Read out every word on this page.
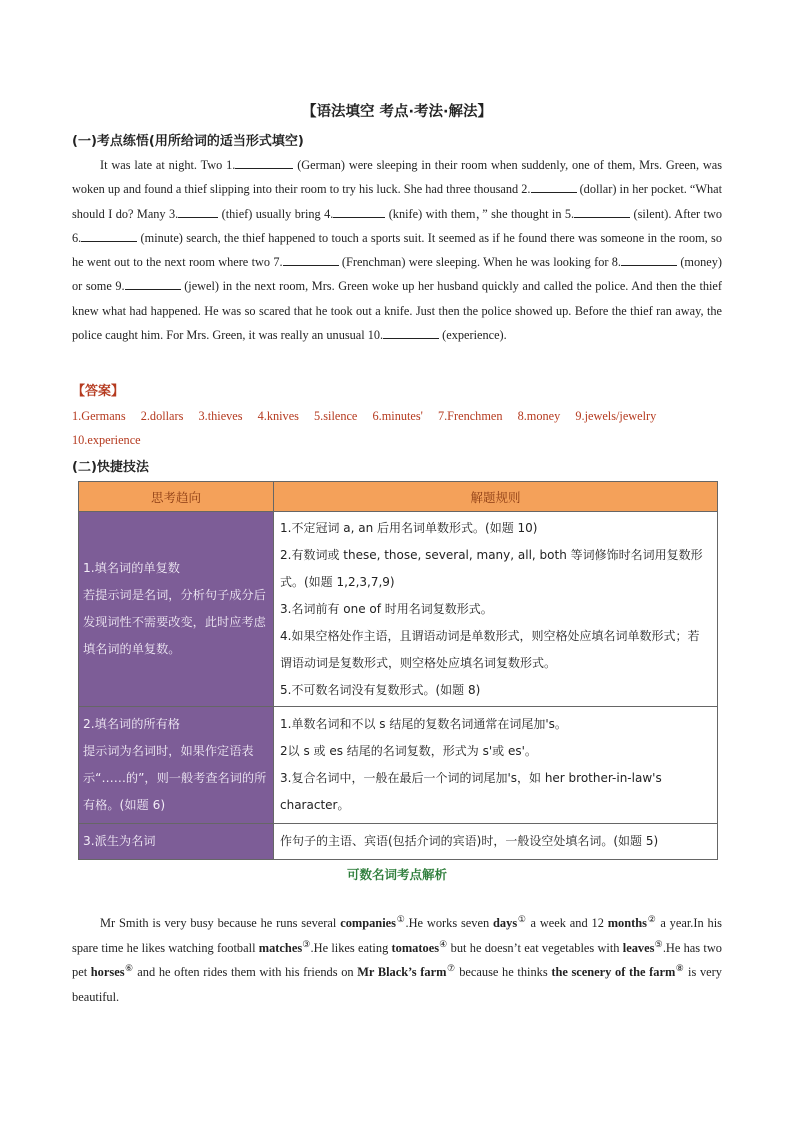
【语法填空 考点·考法·解法】
(一)考点练悟(用所给词的适当形式填空)

It was late at night. Two 1.	(German) were sleeping in their room when suddenly, one of them, Mrs. Green, was woken up and found a thief slipping into their room to try his luck. She had three thousand 2.	(dollar) in her pocket. “What should I do? Many 3.	(thief) usually bring 4.	(knife) with them，” she thought in 5.	(silent). After two 6.	(minute) search, the thief happened to touch a sports suit. It seemed as if he found there was someone in the room, so he went out to the next room where two 7.	(Frenchman) were sleeping. When he was looking for 8.	(money) or some 9.	(jewel) in the next room, Mrs. Green woke up her husband quickly and called the police. And then the thief knew what had happened. He was so scared that he took out a knife. Just then the police showed up. Before the thief ran away, the police caught him. For Mrs. Green, it was really an unusual 10.	(experience).

【答案】
1.Germans 2.dollars 3.thieves 4.knives 5.silence 6.minutes' 7.Frenchmen 8.money 9.jewels/jewelry 10.experience
(二)快捷技法
思考趋向	解题规则

1.填名词的单复数
若提示词是名词，分析句子成分后发现词性不需要改变，此时应考虑填名词的单复数。	1.不定冠词 a, an 后用名词单数形式。(如题 10)
2.有数词或 these, those, several, many, all, both 等词修饰时名词用复数形式。(如题 1,2,3,7,9)
3.名词前有 one of 时用名词复数形式。
4.如果空格处作主语，且谓语动词是单数形式，则空格处应填名词单数形式；若谓语动词是复数形式，则空格处应填名词复数形式。
5.不可数名词没有复数形式。(如题 8)

2.填名词的所有格
提示词为名词时，如果作定语表示“……的”，则一般考查名词的所有格。(如题 6)	1.单数名词和不以 s 结尾的复数名词通常在词尾加's。
2以 s 或 es 结尾的名词复数，形式为 s'或 es'。
3.复合名词中，一般在最后一个词的词尾加's，如 her brother-in-law's character。

3.派生为名词	作句子的主语、宾语(包括介词的宾语)时，一般设空处填名词。(如题 5)
可数名词考点解析

Mr Smith is very busy because he runs several companies①.He works seven days① a week and 12 months② a year.In his spare time he likes watching football matches③.He likes eating tomatoes④ but he doesn’t eat vegetables with leaves⑤.He has two pet horses⑥ and he often rides them with his friends on Mr Black’s farm⑦ because he thinks the scenery of the farm⑧ is very beautiful.
